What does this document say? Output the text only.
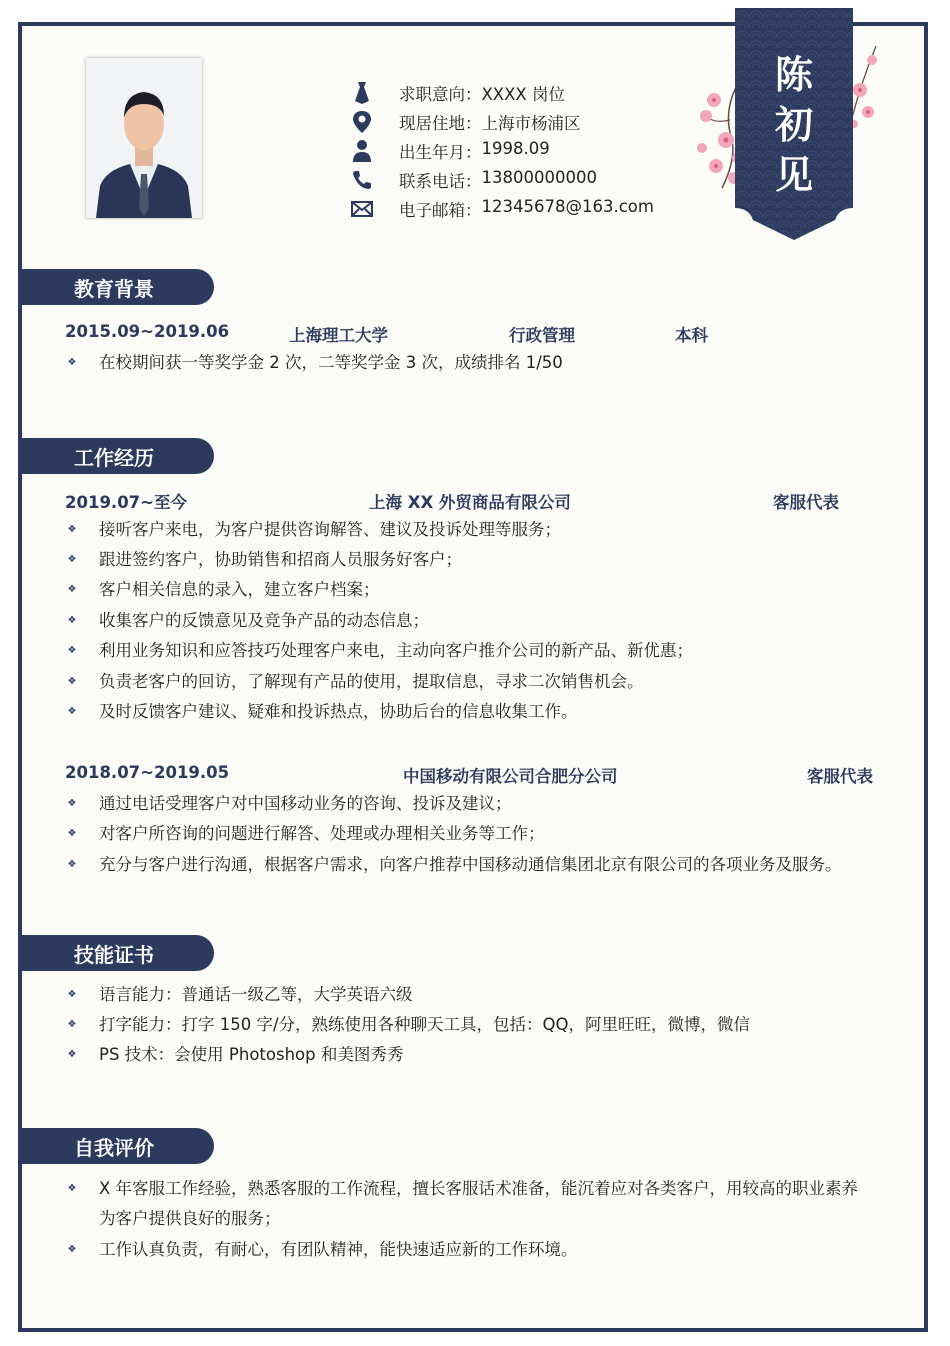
求职意向： XXXX 岗位
现居住地： 上海市杨浦区
出生年月： 1998.09
联系电话： 13800000000
电子邮箱： 12345678@163.com
陈
初
见
教育背景
2015.09~2019.06	上海理工大学	行政管理	本科
❖ 在校期间获一等奖学金 2 次，二等奖学金 3 次，成绩排名 1/50
工作经历
2019.07~至今	上海 XX 外贸商品有限公司	客服代表
❖ 接听客户来电，为客户提供咨询解答、建议及投诉处理等服务；
❖ 跟进签约客户，协助销售和招商人员服务好客户；
❖ 客户相关信息的录入，建立客户档案；
❖ 收集客户的反馈意见及竞争产品的动态信息；
❖ 利用业务知识和应答技巧处理客户来电，主动向客户推介公司的新产品、新优惠；
❖ 负责老客户的回访，了解现有产品的使用，提取信息，寻求二次销售机会。
❖ 及时反馈客户建议、疑难和投诉热点，协助后台的信息收集工作。
2018.07~2019.05	中国移动有限公司合肥分公司	客服代表
❖ 通过电话受理客户对中国移动业务的咨询、投诉及建议；
❖ 对客户所咨询的问题进行解答、处理或办理相关业务等工作；
❖ 充分与客户进行沟通，根据客户需求，向客户推荐中国移动通信集团北京有限公司的各项业务及服务。
技能证书
❖ 语言能力：普通话一级乙等，大学英语六级
❖ 打字能力：打字 150 字/分，熟练使用各种聊天工具，包括：QQ，阿里旺旺，微博，微信
❖ PS 技术：会使用 Photoshop 和美图秀秀
自我评价
❖ X 年客服工作经验，熟悉客服的工作流程，擅长客服话术准备，能沉着应对各类客户，用较高的职业素养为客户提供良好的服务；
❖ 工作认真负责，有耐心，有团队精神，能快速适应新的工作环境。
